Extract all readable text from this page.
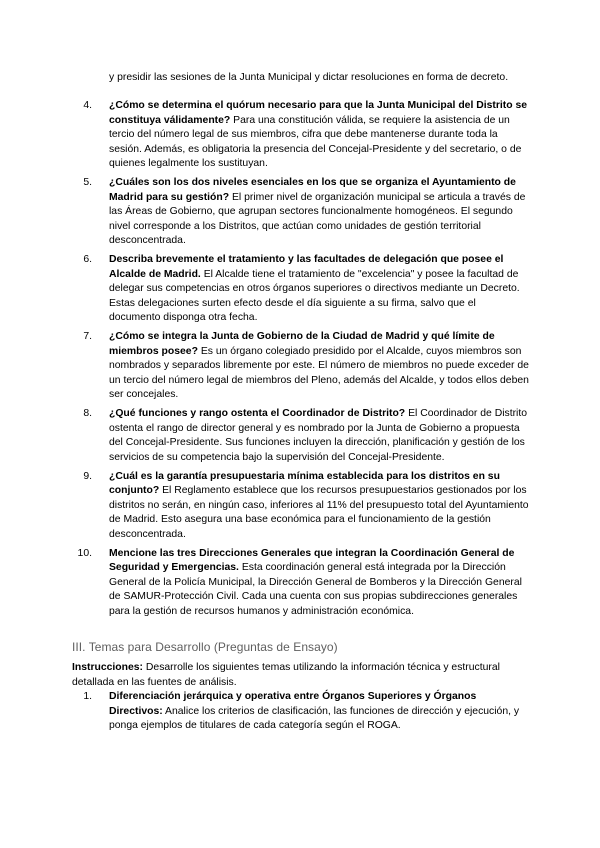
y presidir las sesiones de la Junta Municipal y dictar resoluciones en forma de decreto.
4. ¿Cómo se determina el quórum necesario para que la Junta Municipal del Distrito se constituya válidamente? Para una constitución válida, se requiere la asistencia de un tercio del número legal de sus miembros, cifra que debe mantenerse durante toda la sesión. Además, es obligatoria la presencia del Concejal-Presidente y del secretario, o de quienes legalmente los sustituyan.
5. ¿Cuáles son los dos niveles esenciales en los que se organiza el Ayuntamiento de Madrid para su gestión? El primer nivel de organización municipal se articula a través de las Áreas de Gobierno, que agrupan sectores funcionalmente homogéneos. El segundo nivel corresponde a los Distritos, que actúan como unidades de gestión territorial desconcentrada.
6. Describa brevemente el tratamiento y las facultades de delegación que posee el Alcalde de Madrid. El Alcalde tiene el tratamiento de "excelencia" y posee la facultad de delegar sus competencias en otros órganos superiores o directivos mediante un Decreto. Estas delegaciones surten efecto desde el día siguiente a su firma, salvo que el documento disponga otra fecha.
7. ¿Cómo se integra la Junta de Gobierno de la Ciudad de Madrid y qué límite de miembros posee? Es un órgano colegiado presidido por el Alcalde, cuyos miembros son nombrados y separados libremente por este. El número de miembros no puede exceder de un tercio del número legal de miembros del Pleno, además del Alcalde, y todos ellos deben ser concejales.
8. ¿Qué funciones y rango ostenta el Coordinador de Distrito? El Coordinador de Distrito ostenta el rango de director general y es nombrado por la Junta de Gobierno a propuesta del Concejal-Presidente. Sus funciones incluyen la dirección, planificación y gestión de los servicios de su competencia bajo la supervisión del Concejal-Presidente.
9. ¿Cuál es la garantía presupuestaria mínima establecida para los distritos en su conjunto? El Reglamento establece que los recursos presupuestarios gestionados por los distritos no serán, en ningún caso, inferiores al 11% del presupuesto total del Ayuntamiento de Madrid. Esto asegura una base económica para el funcionamiento de la gestión desconcentrada.
10. Mencione las tres Direcciones Generales que integran la Coordinación General de Seguridad y Emergencias. Esta coordinación general está integrada por la Dirección General de la Policía Municipal, la Dirección General de Bomberos y la Dirección General de SAMUR-Protección Civil. Cada una cuenta con sus propias subdirecciones generales para la gestión de recursos humanos y administración económica.
III. Temas para Desarrollo (Preguntas de Ensayo)
Instrucciones: Desarrolle los siguientes temas utilizando la información técnica y estructural detallada en las fuentes de análisis.
1. Diferenciación jerárquica y operativa entre Órganos Superiores y Órganos Directivos: Analice los criterios de clasificación, las funciones de dirección y ejecución, y ponga ejemplos de titulares de cada categoría según el ROGA.
